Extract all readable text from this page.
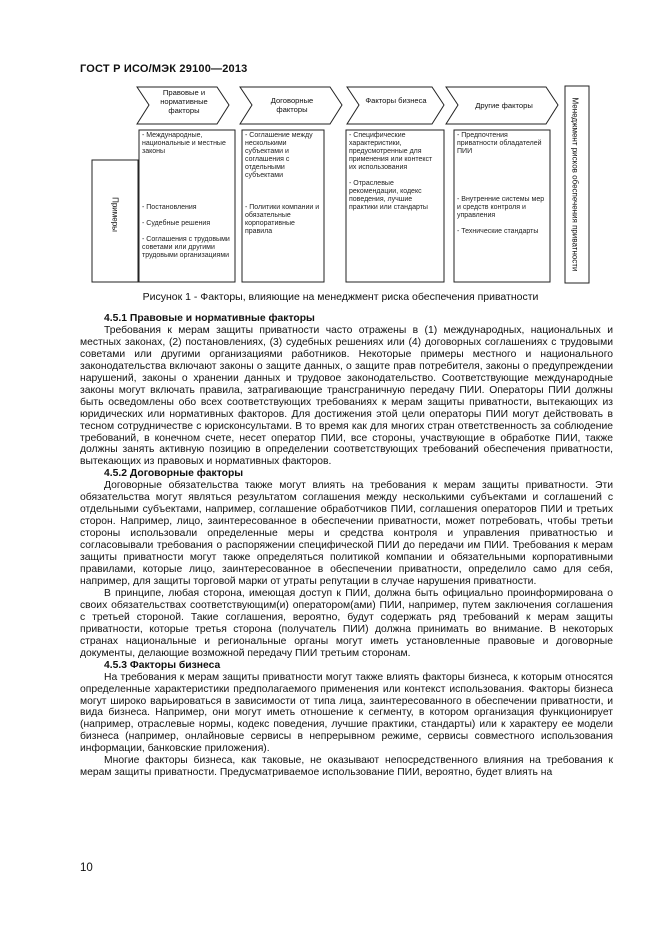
ГОСТ Р ИСО/МЭК 29100—2013
Правовые и нормативные факторы
Договорные факторы
Факторы бизнеса
Другие факторы	Менеджмент рисков обеспечения приватности
Примеры

- Международные, национальные и местные законы

- Постановления

- Судебные решения

- Соглашения с трудовыми советами или другими трудовыми организациями

- Соглашение между несколькими субъектами и соглашения с отдельными субъектами

- Политики компании и обязательные корпоративные правила

- Специфические характеристики, предусмотренные для применения или контекст их использования

- Отраслевые рекомендации, кодекс поведения, лучшие практики или стандарты

- Предпочтения приватности обладателей ПИИ

- Внутренние системы мер и средств контроля и управления

- Технические стандарты

Рисунок 1 - Факторы, влияющие на менеджмент риска обеспечения приватности
4.5.1 Правовые и нормативные факторы

Требования к мерам защиты приватности часто отражены в (1) международных, национальных и местных законах, (2) постановлениях, (3) судебных решениях или (4) договорных соглашениях с трудовыми советами или другими организациями работников. Некоторые примеры местного и национального законодательства включают законы о защите данных, о защите прав потребителя, законы о предупреждении нарушений, законы о хранении данных и трудовое законодательство. Соответствующие международные законы могут включать правила, затрагивающие трансграничную передачу ПИИ. Операторы ПИИ должны быть осведомлены обо всех соответствующих требованиях к мерам защиты приватности, вытекающих из юридических или нормативных факторов. Для достижения этой цели операторы ПИИ могут действовать в тесном сотрудничестве с юрисконсультами. В то время как для многих стран ответственность за соблюдение требований, в конечном счете, несет оператор ПИИ, все стороны, участвующие в обработке ПИИ, также должны занять активную позицию в определении соответствующих требований обеспечения приватности, вытекающих из правовых и нормативных факторов.

4.5.2 Договорные факторы

Договорные обязательства также могут влиять на требования к мерам защиты приватности. Эти обязательства могут являться результатом соглашения между несколькими субъектами и соглашений с отдельными субъектами, например, соглашение обработчиков ПИИ, соглашения операторов ПИИ и третьих сторон. Например, лицо, заинтересованное в обеспечении приватности, может потребовать, чтобы третьи стороны использовали определенные меры и средства контроля и управления приватностью и согласовывали требования о распоряжении специфической ПИИ до передачи им ПИИ. Требования к мерам защиты приватности могут также определяться политикой компании и обязательными корпоративными правилами, которые лицо, заинтересованное в обеспечении приватности, определило само для себя, например, для защиты торговой марки от утраты репутации в случае нарушения приватности.

В принципе, любая сторона, имеющая доступ к ПИИ, должна быть официально проинформирована о своих обязательствах соответствующим(и) оператором(ами) ПИИ, например, путем заключения соглашения с третьей стороной. Такие соглашения, вероятно, будут содержать ряд требований к мерам защиты приватности, которые третья сторона (получатель ПИИ) должна принимать во внимание. В некоторых странах национальные и региональные органы могут иметь установленные правовые и договорные документы, делающие возможной передачу ПИИ третьим сторонам.

4.5.3 Факторы бизнеса

На требования к мерам защиты приватности могут также влиять факторы бизнеса, к которым относятся определенные характеристики предполагаемого применения или контекст использования. Факторы бизнеса могут широко варьироваться в зависимости от типа лица, заинтересованного в обеспечении приватности, и вида бизнеса. Например, они могут иметь отношение к сегменту, в котором организация функционирует (например, отраслевые нормы, кодекс поведения, лучшие практики, стандарты) или к характеру ее модели бизнеса (например, онлайновые сервисы в непрерывном режиме, сервисы совместного использования информации, банковские приложения).

Многие факторы бизнеса, как таковые, не оказывают непосредственного влияния на требования к мерам защиты приватности. Предусматриваемое использование ПИИ, вероятно, будет влиять на

10
